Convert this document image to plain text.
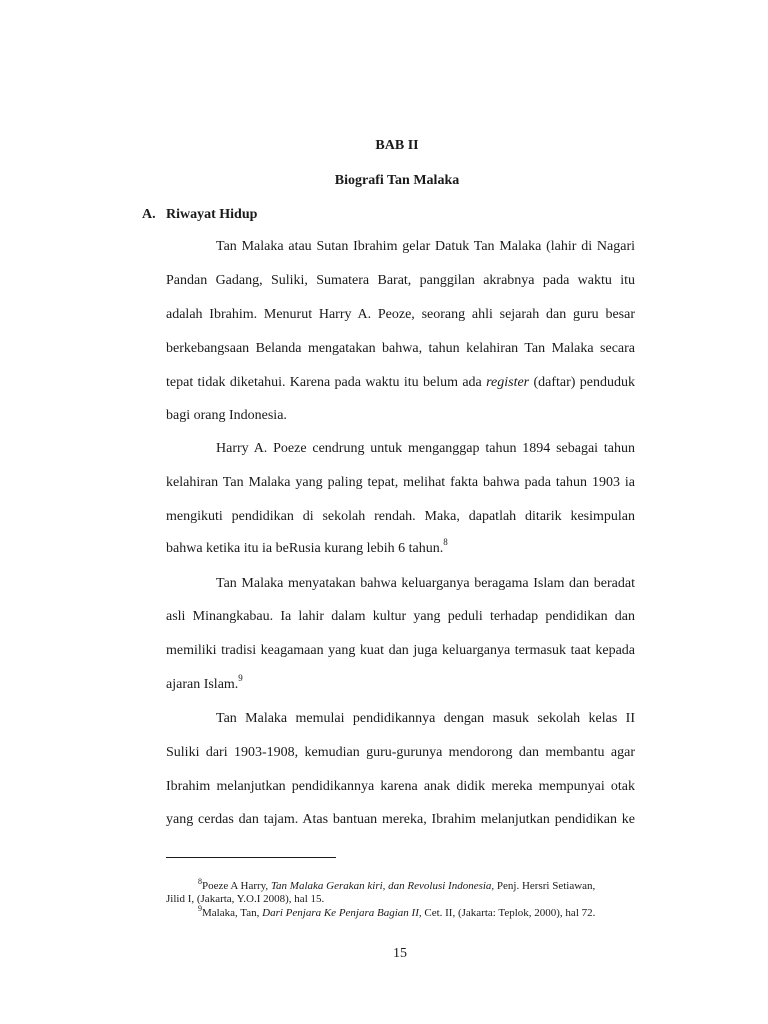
BAB II
Biografi Tan Malaka
A. Riwayat Hidup
Tan Malaka atau Sutan Ibrahim gelar Datuk Tan Malaka (lahir di Nagari
Pandan Gadang, Suliki, Sumatera Barat, panggilan akrabnya pada waktu itu
adalah Ibrahim. Menurut Harry A. Peoze, seorang ahli sejarah dan guru besar
berkebangsaan Belanda mengatakan bahwa, tahun kelahiran Tan Malaka secara
tepat tidak diketahui. Karena pada waktu itu belum ada register (daftar) penduduk
bagi orang Indonesia.
Harry A. Poeze cendrung untuk menganggap tahun 1894 sebagai tahun
kelahiran Tan Malaka yang paling tepat, melihat fakta bahwa pada tahun 1903 ia
mengikuti pendidikan di sekolah rendah. Maka, dapatlah ditarik kesimpulan
bahwa ketika itu ia beRusia kurang lebih 6 tahun.$^8$
Tan Malaka menyatakan bahwa keluarganya beragama Islam dan beradat
asli Minangkabau. Ia lahir dalam kultur yang peduli terhadap pendidikan dan
memiliki tradisi keagamaan yang kuat dan juga keluarganya termasuk taat kepada
ajaran Islam.$^9$
Tan Malaka memulai pendidikannya dengan masuk sekolah kelas II
Suliki dari 1903-1908, kemudian guru-gurunya mendorong dan membantu agar
Ibrahim melanjutkan pendidikannya karena anak didik mereka mempunyai otak
yang cerdas dan tajam. Atas bantuan mereka, Ibrahim melanjutkan pendidikan ke
$^8$Poeze A Harry, Tan Malaka Gerakan kiri, dan Revolusi Indonesia, Penj. Hersri Setiawan,
Jilid I, (Jakarta, Y.O.I 2008), hal 15.
$^9$Malaka, Tan, Dari Penjara Ke Penjara Bagian II, Cet. II, (Jakarta: Teplok, 2000), hal 72.
15
